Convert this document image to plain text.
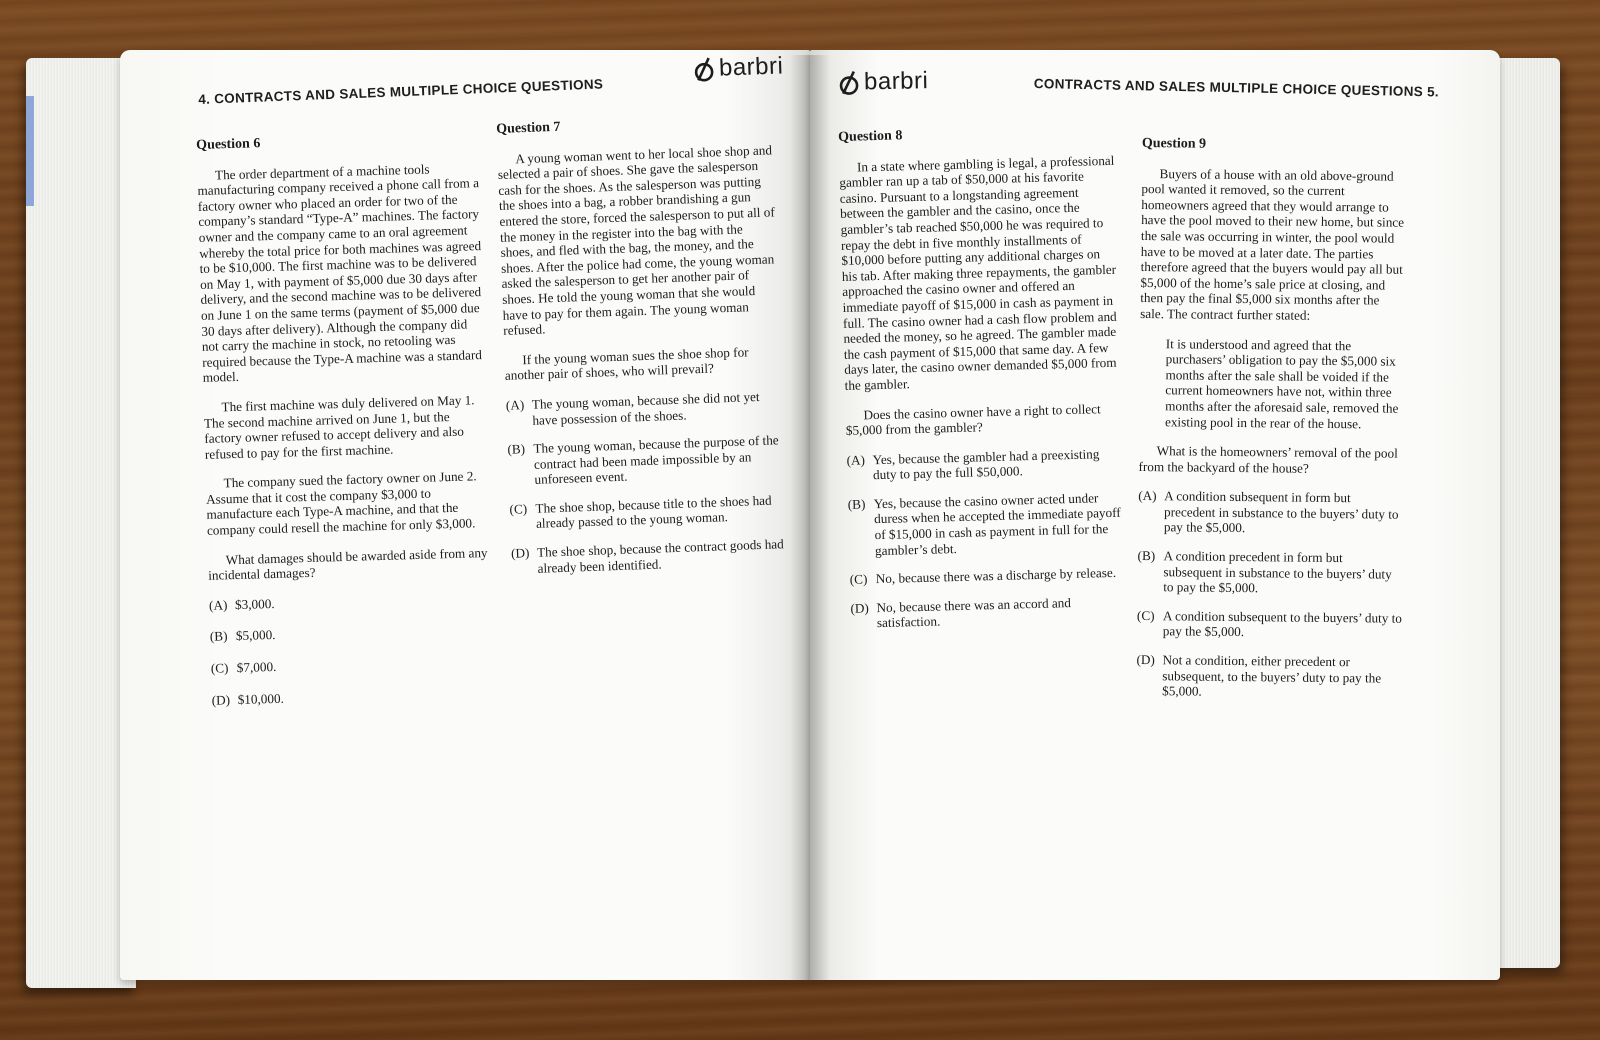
4. CONTRACTS AND SALES MULTIPLE CHOICE QUESTIONS
barbri
Question 6

The order department of a machine tools manufacturing company received a phone call from a factory owner who placed an order for two of the company’s standard “Type-A” machines. The factory owner and the company came to an oral agreement whereby the total price for both machines was agreed to be $10,000. The first machine was to be delivered on May 1, with payment of $5,000 due 30 days after delivery, and the second machine was to be delivered on June 1 on the same terms (payment of $5,000 due 30 days after delivery). Although the company did not carry the machine in stock, no retooling was required because the Type-A machine was a standard model.

The first machine was duly delivered on May 1. The second machine arrived on June 1, but the factory owner refused to accept delivery and also refused to pay for the first machine.

The company sued the factory owner on June 2. Assume that it cost the company $3,000 to manufacture each Type-A machine, and that the company could resell the machine for only $3,000.

What damages should be awarded aside from any incidental damages?

(A) $3,000.
(B) $5,000.
(C) $7,000.
(D) $10,000.
Question 7

A young woman went to her local shoe shop and selected a pair of shoes. She gave the salesperson cash for the shoes. As the salesperson was putting the shoes into a bag, a robber brandishing a gun entered the store, forced the salesperson to put all of the money in the register into the bag with the shoes, and fled with the bag, the money, and the shoes. After the police had come, the young woman asked the salesperson to get her another pair of shoes. He told the young woman that she would have to pay for them again. The young woman refused.

If the young woman sues the shoe shop for another pair of shoes, who will prevail?

(A) The young woman, because she did not yet have possession of the shoes.
(B) The young woman, because the purpose of the contract had been made impossible by an unforeseen event.
(C) The shoe shop, because title to the shoes had already passed to the young woman.
(D) The shoe shop, because the contract goods had already been identified.
barbri	CONTRACTS AND SALES MULTIPLE CHOICE QUESTIONS 5.
Question 8

In a state where gambling is legal, a professional gambler ran up a tab of $50,000 at his favorite casino. Pursuant to a longstanding agreement between the gambler and the casino, once the gambler’s tab reached $50,000 he was required to repay the debt in five monthly installments of $10,000 before putting any additional charges on his tab. After making three repayments, the gambler approached the casino owner and offered an immediate payoff of $15,000 in cash as payment in full. The casino owner had a cash flow problem and needed the money, so he agreed. The gambler made the cash payment of $15,000 that same day. A few days later, the casino owner demanded $5,000 from the gambler.

Does the casino owner have a right to collect $5,000 from the gambler?

(A) Yes, because the gambler had a preexisting duty to pay the full $50,000.
(B) Yes, because the casino owner acted under duress when he accepted the immediate payoff of $15,000 in cash as payment in full for the gambler’s debt.
(C) No, because there was a discharge by release.
(D) No, because there was an accord and satisfaction.
Question 9

Buyers of a house with an old above-ground pool wanted it removed, so the current homeowners agreed that they would arrange to have the pool moved to their new home, but since the sale was occurring in winter, the pool would have to be moved at a later date. The parties therefore agreed that the buyers would pay all but $5,000 of the home’s sale price at closing, and then pay the final $5,000 six months after the sale. The contract further stated:

It is understood and agreed that the purchasers’ obligation to pay the $5,000 six months after the sale shall be voided if the current homeowners have not, within three months after the aforesaid sale, removed the existing pool in the rear of the house.

What is the homeowners’ removal of the pool from the backyard of the house?

(A) A condition subsequent in form but precedent in substance to the buyers’ duty to pay the $5,000.
(B) A condition precedent in form but subsequent in substance to the buyers’ duty to pay the $5,000.
(C) A condition subsequent to the buyers’ duty to pay the $5,000.
(D) Not a condition, either precedent or subsequent, to the buyers’ duty to pay the $5,000.
